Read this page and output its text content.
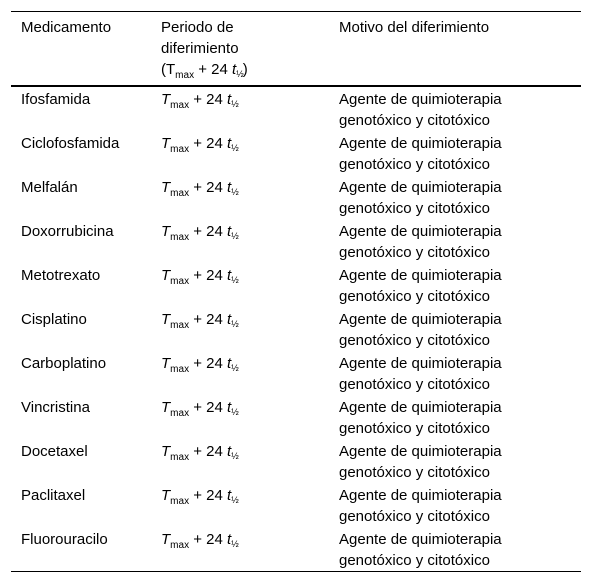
Medicamento	Periodo de
diferimiento
($T_{max} + 24$ $t_{\frac{1}{2}}$)
Motivo del diferimiento
Ifosfamida	$T_{max} + 24$ $t_{\frac{1}{2}}$	Agente de quimioterapia
genotóxico y citotóxico
Ciclofosfamida	$T_{max} + 24$ $t_{\frac{1}{2}}$	Agente de quimioterapia
genotóxico y citotóxico
Melfalán	$T_{max} + 24$ $t_{\frac{1}{2}}$	Agente de quimioterapia
genotóxico y citotóxico
Doxorrubicina	$T_{max} + 24$ $t_{\frac{1}{2}}$	Agente de quimioterapia
genotóxico y citotóxico
Metotrexato	$T_{max} + 24$ $t_{\frac{1}{2}}$	Agente de quimioterapia
genotóxico y citotóxico
Cisplatino	$T_{max} + 24$ $t_{\frac{1}{2}}$	Agente de quimioterapia
genotóxico y citotóxico
Carboplatino	$T_{max} + 24$ $t_{\frac{1}{2}}$	Agente de quimioterapia
genotóxico y citotóxico
Vincristina	$T_{max} + 24$ $t_{\frac{1}{2}}$	Agente de quimioterapia
genotóxico y citotóxico
Docetaxel	$T_{max} + 24$ $t_{\frac{1}{2}}$	Agente de quimioterapia
genotóxico y citotóxico
Paclitaxel	$T_{max} + 24$ $t_{\frac{1}{2}}$	Agente de quimioterapia
genotóxico y citotóxico
Fluorouracilo	$T_{max} + 24$ $t_{\frac{1}{2}}$	Agente de quimioterapia
genotóxico y citotóxico
